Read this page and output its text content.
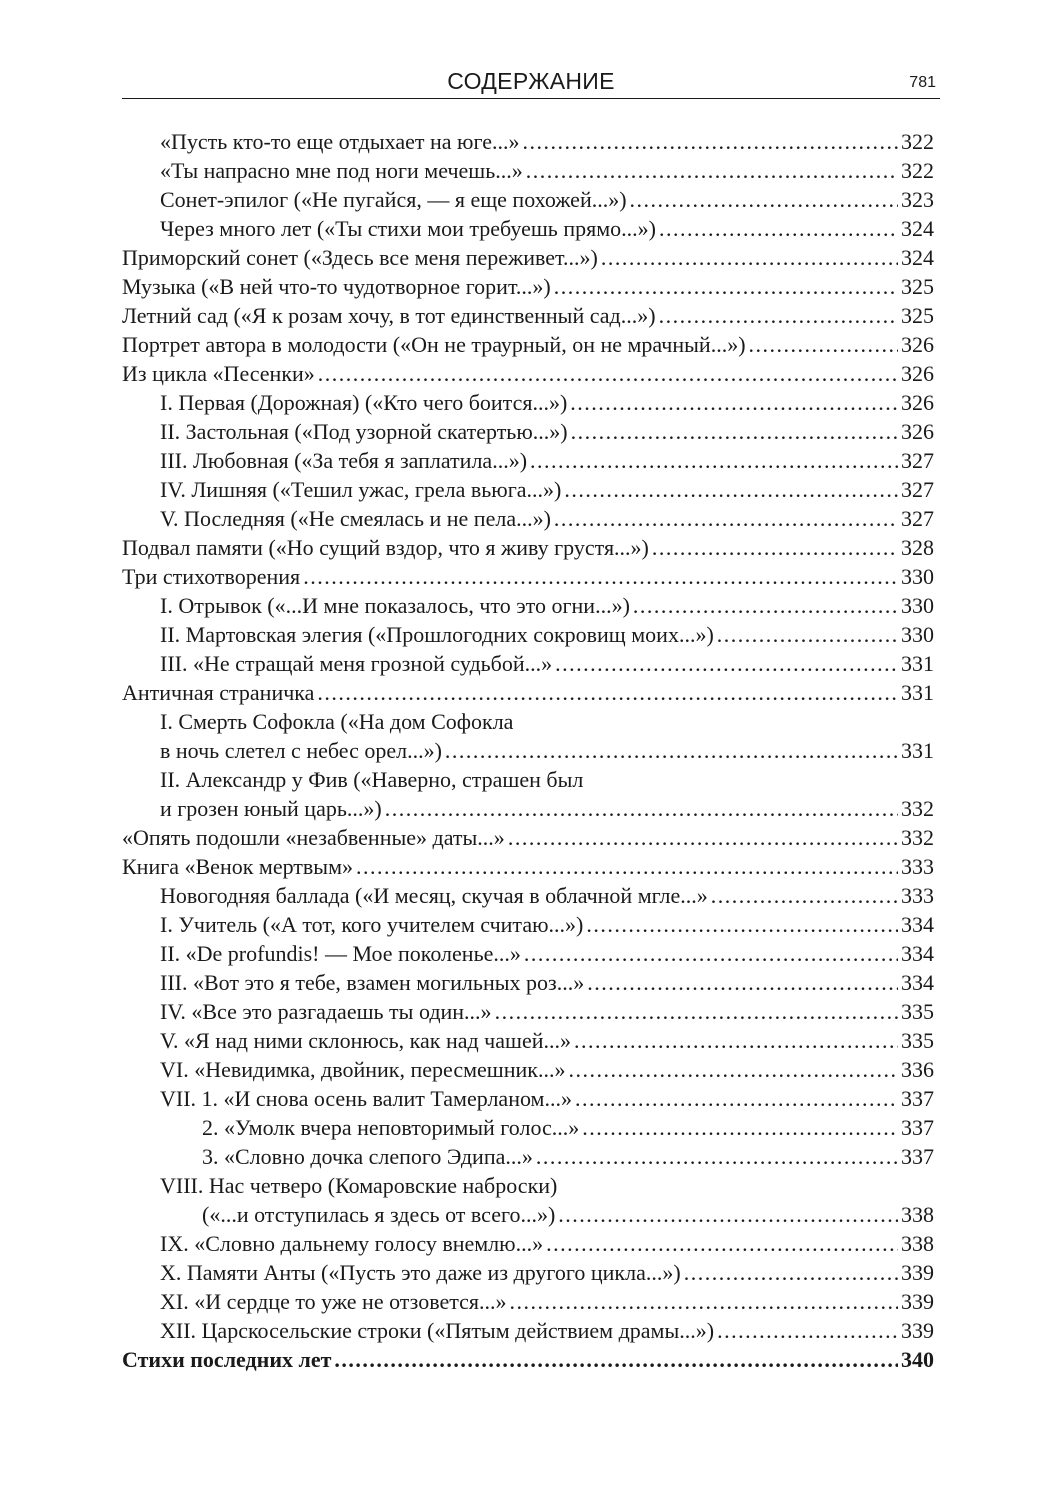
СОДЕРЖАНИЕ	781
«Пусть кто-то еще отдыхает на юге...» . . .	322
«Ты напрасно мне под ноги мечешь...» . . .	322
Сонет-эпилог («Не пугайся, — я еще похожей...») . . .	323
Через много лет («Ты стихи мои требуешь прямо...») . . .	324
Приморский сонет («Здесь все меня переживет...») . . .	324
Музыка («В ней что-то чудотворное горит...») . . .	325
Летний сад («Я к розам хочу, в тот единственный сад...») . . .	325
Портрет автора в молодости («Он не траурный, он не мрачный...») . . .	326
Из цикла «Песенки» . . .	326
I. Первая (Дорожная) («Кто чего боится...») . . .	326
II. Застольная («Под узорной скатертью...») . . .	326
III. Любовная («За тебя я заплатила...») . . .	327
IV. Лишняя («Тешил ужас, грела вьюга...») . . .	327
V. Последняя («Не смеялась и не пела...») . . .	327
Подвал памяти («Но сущий вздор, что я живу грустя...») . . .	328
Три стихотворения . . .	330
I. Отрывок («...И мне показалось, что это огни...») . . .	330
II. Мартовская элегия («Прошлогодних сокровищ моих...») . . .	330
III. «Не стращай меня грозной судьбой...» . . .	331
Античная страничка . . .	331
I. Смерть Софокла («На дом Софокла
в ночь слетел с небес орел...») . . .	331
II. Александр у Фив («Наверно, страшен был
и грозен юный царь...») . . .	332
«Опять подошли «незабвенные» даты...» . . .	332
Книга «Венок мертвым» . . .	333
Новогодняя баллада («И месяц, скучая в облачной мгле...» . . .	333
I. Учитель («А тот, кого учителем считаю...») . . .	334
II. «De profundis! — Мое поколенье...» . . .	334
III. «Вот это я тебе, взамен могильных роз...» . . .	334
IV. «Все это разгадаешь ты один...» . . .	335
V. «Я над ними склонюсь, как над чашей...» . . .	335
VI. «Невидимка, двойник, пересмешник...» . . .	336
VII. 1. «И снова осень валит Тамерланом...» . . .	337
2. «Умолк вчера неповторимый голос...» . . .	337
3. «Словно дочка слепого Эдипа...» . . .	337
VIII. Нас четверо (Комаровские наброски)
(«...и отступилась я здесь от всего...») . . .	338
IX. «Словно дальнему голосу внемлю...» . . .	338
X. Памяти Анты («Пусть это даже из другого цикла...») . . .	339
XI. «И сердце то уже не отзовется...» . . .	339
XII. Царскосельские строки («Пятым действием драмы...») . . .	339
Стихи последних лет . . .	340
